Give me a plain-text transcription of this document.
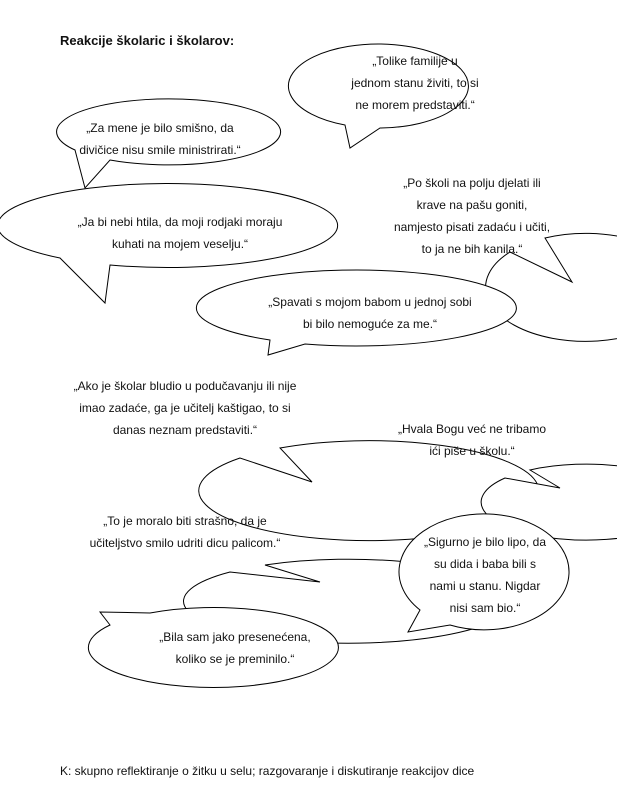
Reakcije školaric i školarov:
„Tolike familije u
jednom stanu živiti, to si
ne morem predstaviti.“
„Za mene je bilo smišno, da
divičice nisu smile ministrirati.“
„Po školi na polju djelati ili
krave na pašu goniti,
namjesto pisati zadaću i učiti,
to ja ne bih kanila.“
„Ja bi nebi htila, da moji rodjaki moraju
kuhati na mojem veselju.“
„Spavati s mojom babom u jednoj sobi
bi bilo nemoguće za me.“
„Ako je školar bludio u podučavanju ili nije
imao zadaće, ga je učitelj kaštigao, to si
danas neznam predstaviti.“	„Hvala Bogu već ne tribamo
ići piše u školu.“
„To je moralo biti strašno, da je
učiteljstvo smilo udriti dicu palicom.“	„Sigurno je bilo lipo, da
su dida i baba bili s
nami u stanu. Nigdar
nisi sam bio.“
„Bila sam jako presenećena,
koliko se je preminilo.“
K: skupno reflektiranje o žitku u selu; razgovaranje i diskutiranje reakcijov dice
